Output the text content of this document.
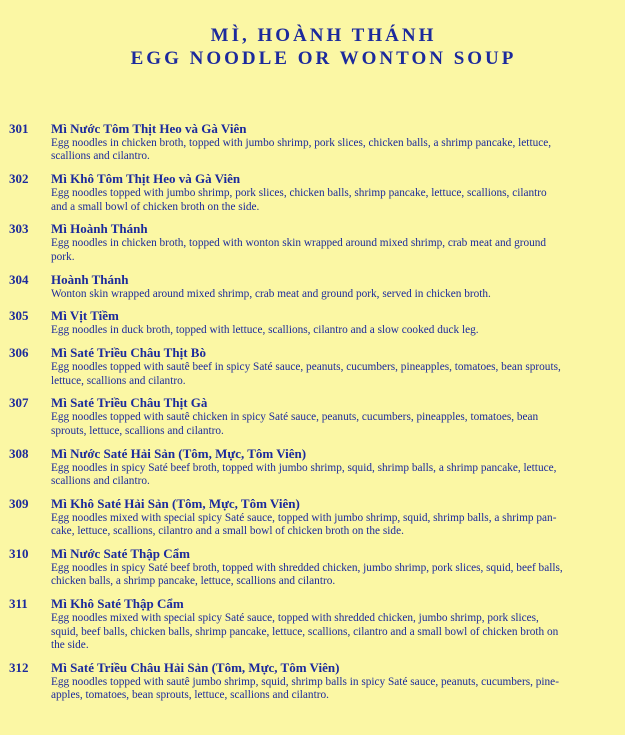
MÌ, HOÀNH THÁNH
EGG NOODLE OR WONTON SOUP
301 Mì Nước Tôm Thịt Heo và Gà Viên
Egg noodles in chicken broth, topped with jumbo shrimp, pork slices, chicken balls, a shrimp pancake, lettuce,
scallions and cilantro.
302 Mì Khô Tôm Thịt Heo và Gà Viên
Egg noodles topped with jumbo shrimp, pork slices, chicken balls, shrimp pancake, lettuce, scallions, cilantro
and a small bowl of chicken broth on the side.
303 Mì Hoành Thánh
Egg noodles in chicken broth, topped with wonton skin wrapped around mixed shrimp, crab meat and ground
pork.
304 Hoành Thánh
Wonton skin wrapped around mixed shrimp, crab meat and ground pork, served in chicken broth.
305 Mì Vịt Tiềm
Egg noodles in duck broth, topped with lettuce, scallions, cilantro and a slow cooked duck leg.
306 Mì Saté Triều Châu Thịt Bò
Egg noodles topped with sautê beef in spicy Saté sauce, peanuts, cucumbers, pineapples, tomatoes, bean sprouts,
lettuce, scallions and cilantro.
307 Mì Saté Triều Châu Thịt Gà
Egg noodles topped with sautê chicken in spicy Saté sauce, peanuts, cucumbers, pineapples, tomatoes, bean
sprouts, lettuce, scallions and cilantro.
308 Mì Nước Saté Hải Sản (Tôm, Mực, Tôm Viên)
Egg noodles in spicy Saté beef broth, topped with jumbo shrimp, squid, shrimp balls, a shrimp pancake, lettuce,
scallions and cilantro.
309 Mì Khô Saté Hải Sản (Tôm, Mực, Tôm Viên)
Egg noodles mixed with special spicy Saté sauce, topped with jumbo shrimp, squid, shrimp balls, a shrimp pan-
cake, lettuce, scallions, cilantro and a small bowl of chicken broth on the side.
310 Mì Nước Saté Thập Cẩm
Egg noodles in spicy Saté beef broth, topped with shredded chicken, jumbo shrimp, pork slices, squid, beef balls,
chicken balls, a shrimp pancake, lettuce, scallions and cilantro.
311 Mì Khô Saté Thập Cẩm
Egg noodles mixed with special spicy Saté sauce, topped with shredded chicken, jumbo shrimp, pork slices,
squid, beef balls, chicken balls, shrimp pancake, lettuce, scallions, cilantro and a small bowl of chicken broth on
the side.
312 Mì Saté Triều Châu Hải Sản (Tôm, Mực, Tôm Viên)
Egg noodles topped with sautê jumbo shrimp, squid, shrimp balls in spicy Saté sauce, peanuts, cucumbers, pine-
apples, tomatoes, bean sprouts, lettuce, scallions and cilantro.
